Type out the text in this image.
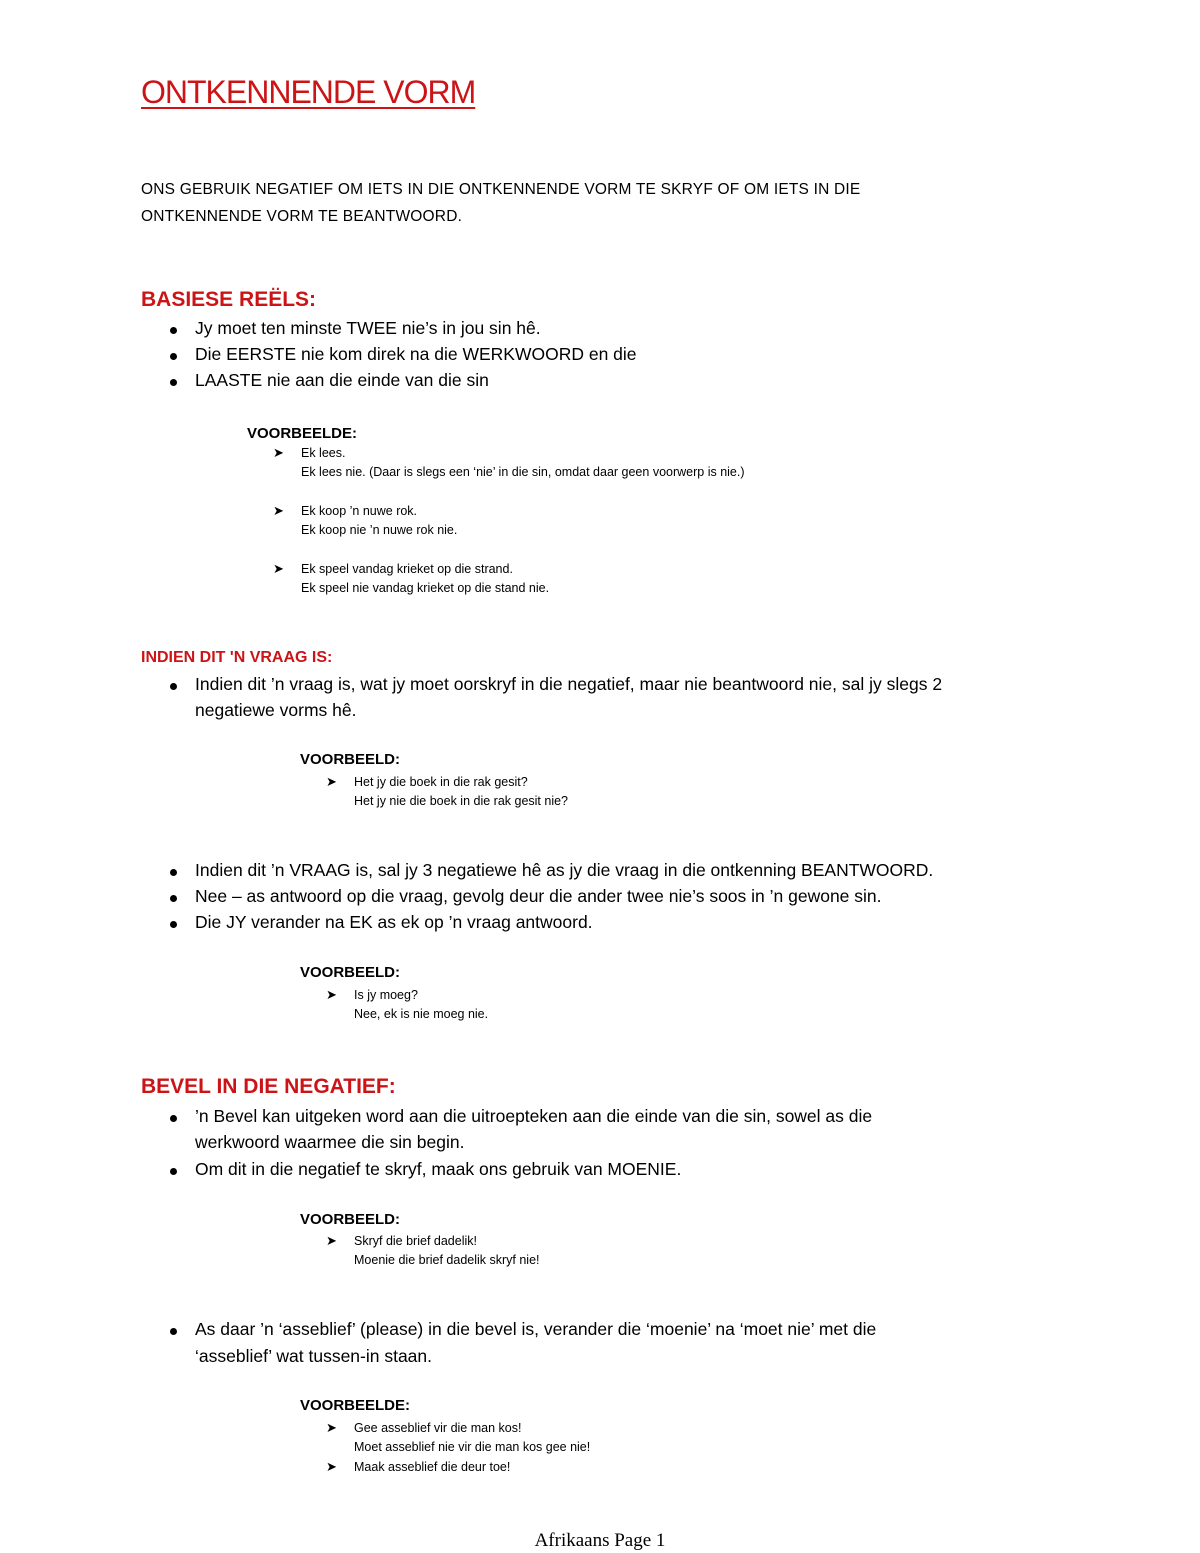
ONTKENNENDE VORM
ONS GEBRUIK NEGATIEF OM IETS IN DIE ONTKENNENDE VORM TE SKRYF OF OM IETS IN DIE
ONTKENNENDE VORM TE BEANTWOORD.
BASIESE REËLS:
Jy moet ten minste TWEE nie’s in jou sin hê.
Die EERSTE nie kom direk na die WERKWOORD en die
LAASTE nie aan die einde van die sin
VOORBEELDE:
➤ Ek lees.
Ek lees nie. (Daar is slegs een ‘nie’ in die sin, omdat daar geen voorwerp is nie.)
➤ Ek koop ’n nuwe rok.
Ek koop nie ’n nuwe rok nie.
➤ Ek speel vandag krieket op die strand.
Ek speel nie vandag krieket op die stand nie.
INDIEN DIT 'N VRAAG IS:
Indien dit ’n vraag is, wat jy moet oorskryf in die negatief, maar nie beantwoord nie, sal jy slegs 2
negatiewe vorms hê.
VOORBEELD:
➤ Het jy die boek in die rak gesit?
Het jy nie die boek in die rak gesit nie?
Indien dit ’n VRAAG is, sal jy 3 negatiewe hê as jy die vraag in die ontkenning BEANTWOORD.
Nee – as antwoord op die vraag, gevolg deur die ander twee nie’s soos in ’n gewone sin.
Die JY verander na EK as ek op ’n vraag antwoord.
VOORBEELD:
➤ Is jy moeg?
Nee, ek is nie moeg nie.
BEVEL IN DIE NEGATIEF:
’n Bevel kan uitgeken word aan die uitroepteken aan die einde van die sin, sowel as die
werkwoord waarmee die sin begin.
Om dit in die negatief te skryf, maak ons gebruik van MOENIE.
VOORBEELD:
➤ Skryf die brief dadelik!
Moenie die brief dadelik skryf nie!
As daar ’n ‘asseblief’ (please) in die bevel is, verander die ‘moenie’ na ‘moet nie’ met die
‘asseblief’ wat tussen-in staan.
VOORBEELDE:
➤ Gee asseblief vir die man kos!
Moet asseblief nie vir die man kos gee nie!
➤ Maak asseblief die deur toe!
Afrikaans Page 1
